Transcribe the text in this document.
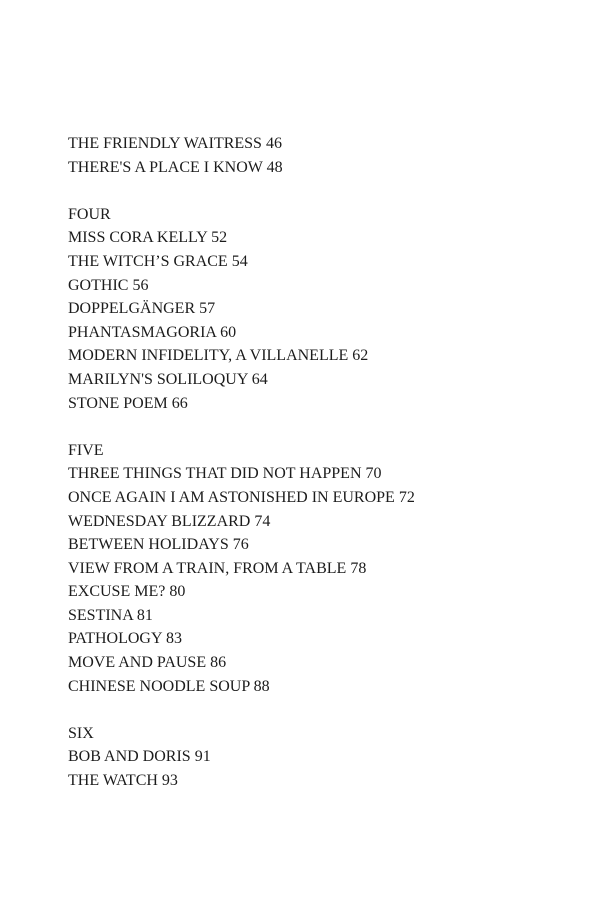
THE FRIENDLY WAITRESS 46
THERE'S A PLACE I KNOW 48
FOUR
MISS CORA KELLY 52
THE WITCH’S GRACE 54
GOTHIC 56
DOPPELGÄNGER 57
PHANTASMAGORIA 60
MODERN INFIDELITY, A VILLANELLE 62
MARILYN'S SOLILOQUY 64
STONE POEM 66
FIVE
THREE THINGS THAT DID NOT HAPPEN 70
ONCE AGAIN I AM ASTONISHED IN EUROPE 72
WEDNESDAY BLIZZARD 74
BETWEEN HOLIDAYS 76
VIEW FROM A TRAIN, FROM A TABLE 78
EXCUSE ME? 80
SESTINA 81
PATHOLOGY 83
MOVE AND PAUSE 86
CHINESE NOODLE SOUP 88
SIX
BOB AND DORIS 91
THE WATCH 93
